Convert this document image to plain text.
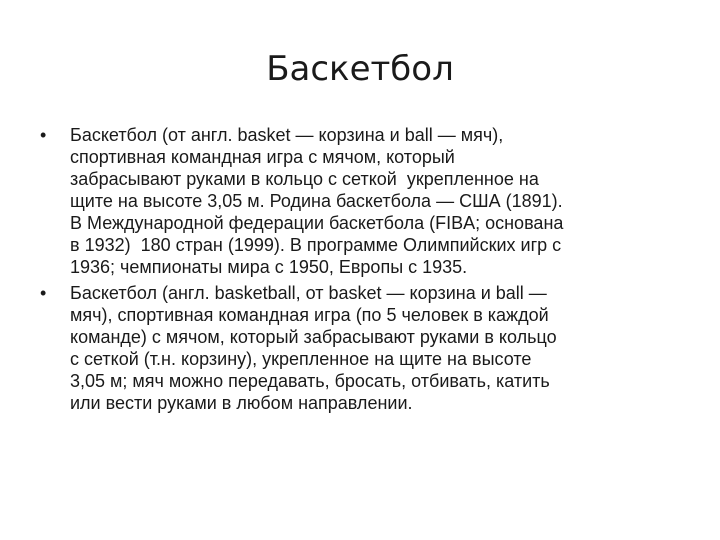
Баскетбол
• Баскетбол (от англ. basket — корзина и ball — мяч),
спортивная командная игра с мячом, который
забрасывают руками в кольцо с сеткой  укрепленное на
щите на высоте 3,05 м. Родина баскетбола — США (1891).
В Международной федерации баскетбола (FIBA; основана
в 1932)  180 стран (1999). В программе Олимпийских игр с
1936; чемпионаты мира с 1950, Европы с 1935.
• Баскетбол (англ. basketball, от basket — корзина и ball —
мяч), спортивная командная игра (по 5 человек в каждой
команде) с мячом, который забрасывают руками в кольцо
с сеткой (т.н. корзину), укрепленное на щите на высоте
3,05 м; мяч можно передавать, бросать, отбивать, катить
или вести руками в любом направлении.
